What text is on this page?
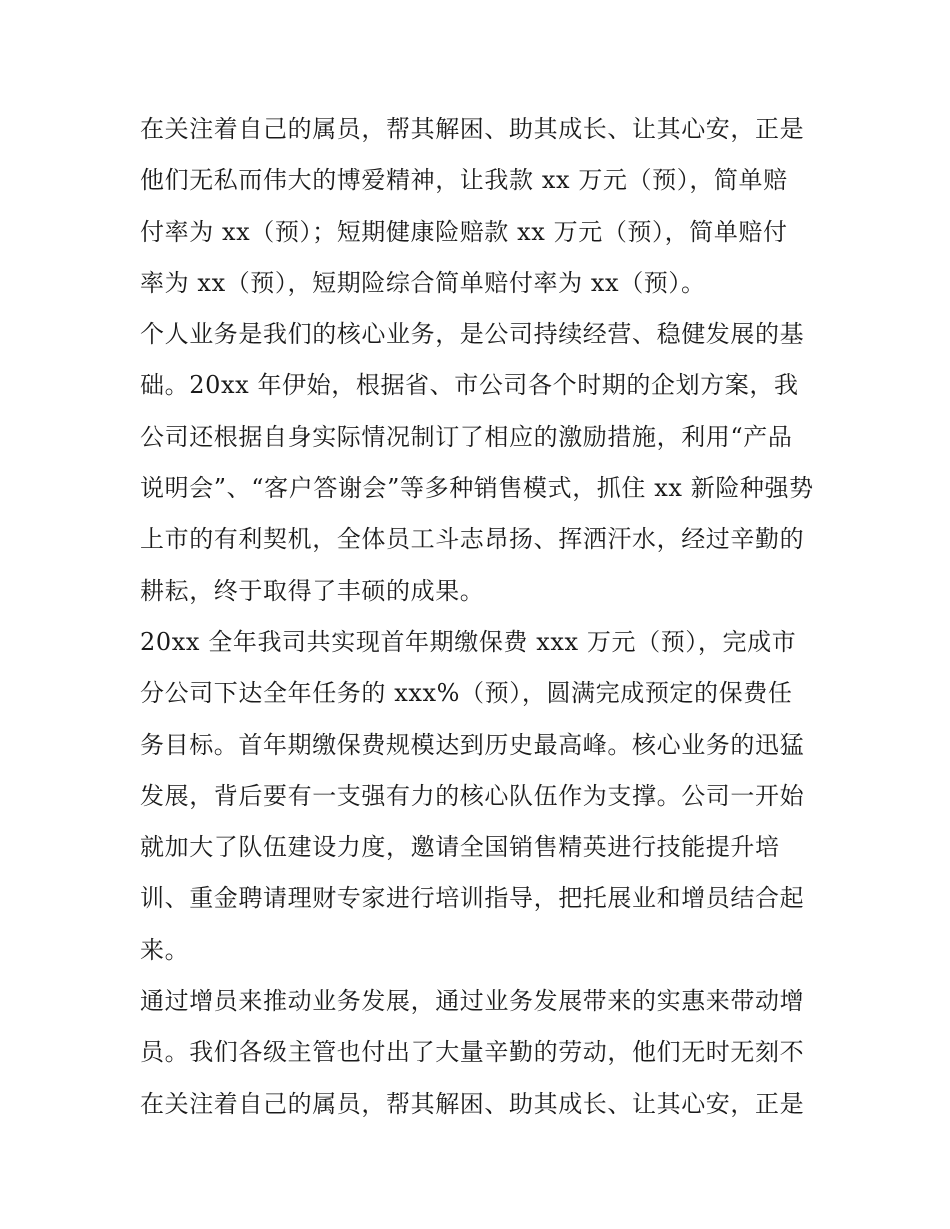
在关注着自己的属员，帮其解困、助其成长、让其心安，正是
他们无私而伟大的博爱精神，让我款 xx 万元（预），简单赔
付率为 xx（预）；短期健康险赔款 xx 万元（预），简单赔付
率为 xx（预），短期险综合简单赔付率为 xx（预）。
个人业务是我们的核心业务，是公司持续经营、稳健发展的基
础。20xx 年伊始，根据省、市公司各个时期的企划方案，我
公司还根据自身实际情况制订了相应的激励措施，利用“产品
说明会”、“客户答谢会”等多种销售模式，抓住 xx 新险种强势
上市的有利契机，全体员工斗志昂扬、挥洒汗水，经过辛勤的
耕耘，终于取得了丰硕的成果。
20xx 全年我司共实现首年期缴保费 xxx 万元（预），完成市
分公司下达全年任务的 xxx%（预），圆满完成预定的保费任
务目标。首年期缴保费规模达到历史最高峰。核心业务的迅猛
发展，背后要有一支强有力的核心队伍作为支撑。公司一开始
就加大了队伍建设力度，邀请全国销售精英进行技能提升培
训、重金聘请理财专家进行培训指导，把托展业和增员结合起
来。
通过增员来推动业务发展，通过业务发展带来的实惠来带动增
员。我们各级主管也付出了大量辛勤的劳动，他们无时无刻不
在关注着自己的属员，帮其解困、助其成长、让其心安，正是
